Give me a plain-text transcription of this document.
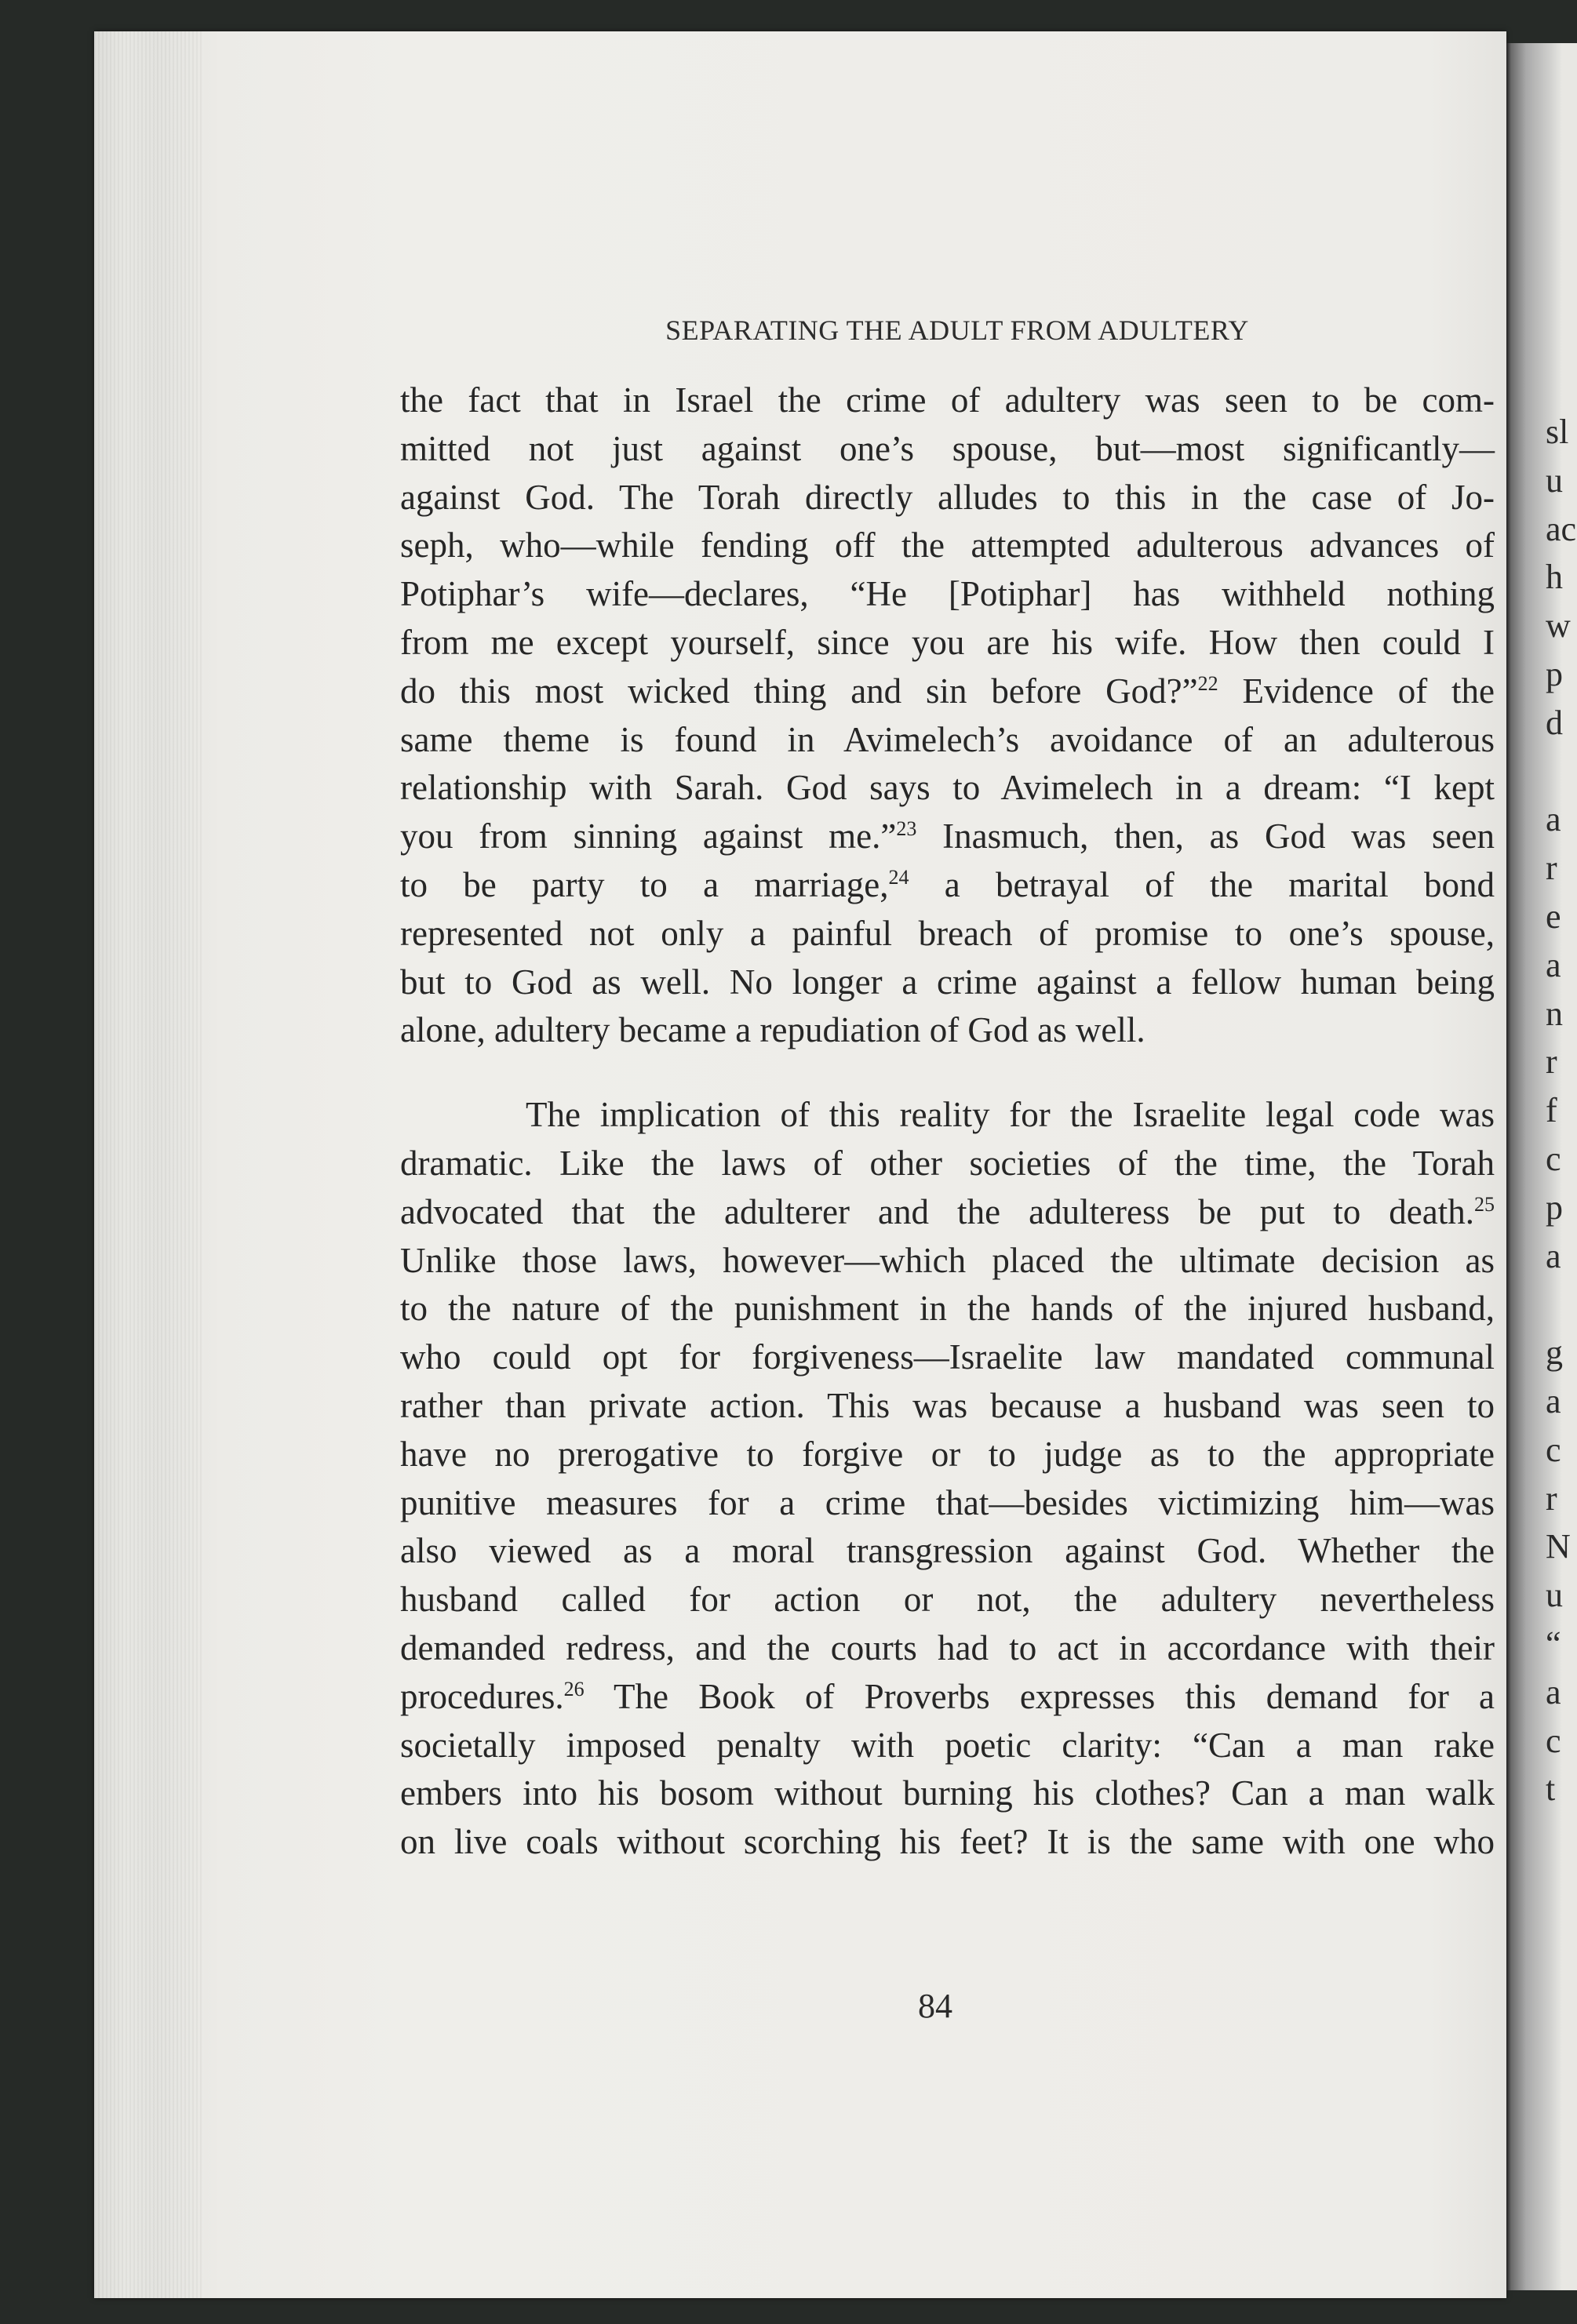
SEPARATING THE ADULT FROM ADULTERY
the fact that in Israel the crime of adultery was seen to be com-
mitted not just against one’s spouse, but—most significantly—
against God. The Torah directly alludes to this in the case of Jo-
seph, who—while fending off the attempted adulterous advances of
Potiphar’s wife—declares, “He [Potiphar] has withheld nothing
from me except yourself, since you are his wife. How then could I
do this most wicked thing and sin before God?”$^{22}$ Evidence of the
same theme is found in Avimelech’s avoidance of an adulterous
relationship with Sarah. God says to Avimelech in a dream: “I kept
you from sinning against me.”$^{23}$ Inasmuch, then, as God was seen
to be party to a marriage,$^{24}$ a betrayal of the marital bond
represented not only a painful breach of promise to one’s spouse,
but to God as well. No longer a crime against a fellow human being
alone, adultery became a repudiation of God as well.
The implication of this reality for the Israelite legal code was
dramatic. Like the laws of other societies of the time, the Torah
advocated that the adulterer and the adulteress be put to death.$^{25}$
Unlike those laws, however—which placed the ultimate decision as
to the nature of the punishment in the hands of the injured husband,
who could opt for forgiveness—Israelite law mandated communal
rather than private action. This was because a husband was seen to
have no prerogative to forgive or to judge as to the appropriate
punitive measures for a crime that—besides victimizing him—was
also viewed as a moral transgression against God. Whether the
husband called for action or not, the adultery nevertheless
demanded redress, and the courts had to act in accordance with their
procedures.$^{26}$ The Book of Proverbs expresses this demand for a
societally imposed penalty with poetic clarity: “Can a man rake
embers into his bosom without burning his clothes? Can a man walk
on live coals without scorching his feet? It is the same with one who
84
sl
u
ac
h
w
p
d
a
r
e
a
n
r
f
c
p
a
g
a
c
r
N
u
“
a
c
t
